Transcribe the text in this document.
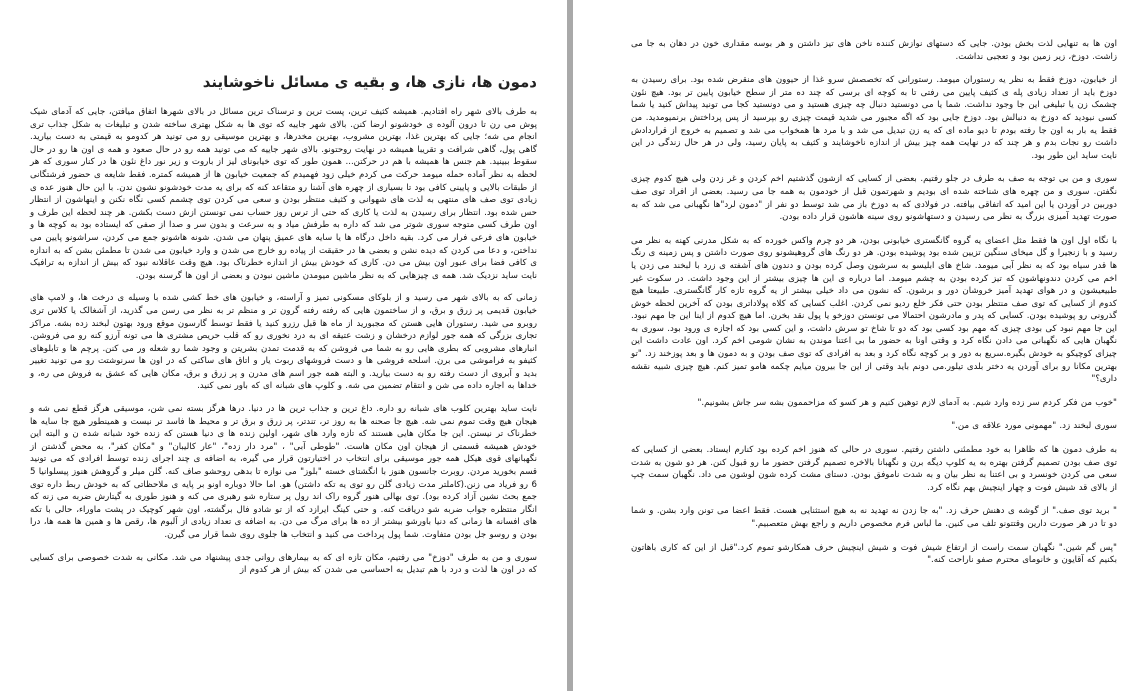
دمون ها، نازی ها، و بقیه ی مسائل ناخوشایند

به طرف بالای شهر راه افتادیم. همیشه کثیف ترین، پست ترین و ترسناک ترین مسائل در بالای شهرها اتفاق میافتن، جایی که آدمای شیک پوش می رن تا درون آلوده ی خودشونو ارضا کنن. بالای شهر جاییه که توی ها به شکل بهتری ساخته شدن و تبلیغات به شکل جذاب تری انجام می شه؛ جایی که بهترین غذا، بهترین مشروب، بهترین مخدرها، و بهترین موسیقی رو می تونید هر کدومو به قیمتی به دست بیارید. گاهی پول، گاهی شرافت و تقریبا همیشه در نهایت روحتونو. بالای شهر جاییه که می تونید همه رو در حال صعود و همه ی اون ها رو در حال سقوط ببینید. هم جنس ها همیشه با هم در حرکتن... همون طور که توی خیابونای لیز از باروت و زیر نور داغ نئون ها در کنار سوری که هر لحظه به نظر آماده حمله میومد حرکت می کردم خیلی زود فهمیدم که جمعیت خیابون ها از همیشه کمتره. فقط شایعه ی حضور فرشتگانی از طبقات بالایی و پایینی کافی بود تا بسیاری از چهره های آشنا رو متقاعد کنه که برای یه مدت خودشونو نشون ندن. با این حال هنوز عده ی زیادی توی صف های منتهی به لذت های شهوانی و کثیف منتظر بودن و سعی می کردن توی چشمم کسی نگاه نکنن و اینهاشون از انتظار حس شده بود. انتظار برای رسیدن به لذت یا کاری که حتی از ترس روز حساب نمی تونستن ازش دست بکشن. هر چند لحظه این طرف و اون طرف کسی متوجه سوری شوتر می شد که داره به طرفش میاد و به سرعت و بدون سر و صدا از صفی که ایستاده بود به کوچه ها و خیابون های فرعی فرار می کرد. بقیه داخل درگاه ها یا سایه های عمیق پنهان می شدن. شونه هاشونو جمع می کردن، سراشونو پایین می نداختن، و دعا می کردن که دیده نشن و بعضی ها در حقیقت از پیاده رو خارج می شدن و وارد خیابون می شدن تا مطمئن بشن که به اندازه ی کافی فضا برای عبور اون بیش می دن. کاری که خودش بیش از اندازه خطرناک بود. هیچ وقت عاقلانه نبود که بیش از اندازه به ترافیک نایت ساید نزدیک شد. همه ی چیزهایی که به نظر ماشین میومدن ماشین نبودن و بعضی از اون ها گرسنه بودن.

زمانی که به بالای شهر می رسید و از بلوکای مسکونی تمیز و آراسته، و خیابون های خط کشی شده با وسیله ی درخت ها، و لامپ های خیابون قدیمی پر زرق و برق، و از ساختمون هایی که رفته رفته گرون تر و منظم تر به نظر می رسن می گذرید، از آشغالک یا کلاس تری روبرو می شید. رستوران هایی هستن که مجبورید از ماه ها قبل رزرو کنید یا فقط توسط گارسون موقع ورود بهتون لبخند زده بشه. مراکز تجاری بزرگی که همه جور لوازم درخشان و زشت عتیقه ای به درد نخوری رو که قلب حریص مشتری ها می تونه آرزو کنه رو می فروشن. انبارهای مشروبی که بطری هایی رو به شما می فروشن که به قدمت تمدن بشریتن و وجود شما رو شعله ور می کنن. پرچم ها و تابلوهای کثیفو به فراموشی می برن. اسلحه فروشی ها و دست فروشهای ربوت یار و اتاق های ساکتی که در اون ها سرنوشتت رو می تونید تغییر بدید و آبروی از دست رفته رو به دست بیارید. و البته همه جور اسم های مدرن و پر زرق و برق، مکان هایی که عشق به فروش می ره، و خداها به اجاره داده می شن و انتقام تضمین می شه. و کلوپ های شبانه ای که باور نمی کنید.

نایت ساید بهترین کلوب های شبانه رو داره. داغ ترین و جذاب ترین ها در دنیا. درها هرگز بسته نمی شن، موسیقی هرگز قطع نمی شه و هیجان هیچ وقت تموم نمی شه. هیچ جا صحنه ها به روز تر، تندتر، پر زرق و برق تر و محیط ها فاسد تر نیست و همینطور هیچ جا سایه ها خطرناک تر نیستن. این جا مکان هایی هستند که تازه وارد های شهر، اولین زنده ها ی دنیا هستن که زنده خود شبانه شده ن و البته این خودش همیشه قسمتی از هیجان اون مکان هاست. "طوطی آبی" ، "مرد دار زده"، "عار کالیبان" و "مکان کفر"، به محض گذشتن از نگهبانهای قوی هیکل همه جور موسیقی برای انتخاب در اختیارتون قرار می گیره، به اضافه ی چند اجرای زنده توسط افرادی که می تونید قسم بخورید مردن. روبرت جانسون هنوز با انگشتای خسته "بلوز" می نوازه تا بدهی روحشو صاف کنه. گلن میلر و گروهش هنوز پیسلوانیا 5 6 رو فریاد می زنن.(کاملتر مدت زیادی گلن رو توی یه تکه داشتن) هو. اما حالا دوباره اونو بر پایه ی ملاحظاتی که به خودش ربط داره توی جمع بحث نشین آزاد کرده بود). توی بهالی هنور گروه راک اند رول پر ستاره شو رهبری می کنه و هنوز طوری به گیتارش ضربه می زنه که انگار منتظره جواب ضربه شو دریافت کنه. و حتی کینگ ایرازد که از تو شادو فال برگشته، اون شهر کوچیک در پشت ماوراء، حالی با تکه های افسانه ها زمانی که دنیا باورشو بیشتر از ده ها برای مرگ می دن. به اضافه ی تعداد زیادی از آلبوم ها، رقص ها و همین ها همه ها، درا بودن و روسو جل بودن متفاوت. شما پول پرداخت می کنید و انتخاب ها جلوی روی شما قرار می گیرن.

سوری و من به طرف "دوزخ" می رفتیم، مکان تازه ای که به بیمارهای روانی جدی پیشنهاد می شد. مکانی به شدت خصوصی برای کسایی که در اون ها لذت و درد با هم تبدیل به احساسی می شدن که بیش از هر کدوم از

اون ها به تنهایی لذت بخش بودن. جایی که دستهای نوازش کننده ناخن های تیز داشتن و هر بوسه مقداری خون در دهان به جا می زاشت. دوزخ، زیر زمین بود و تعجبی نداشت.

از خیابون، دوزخ فقط به نظر یه رستوران میومد. رستورانی که تخصصش سرو غذا از حیوون های منقرض شده بود. برای رسیدن به دوزخ باید از تعداد زیادی پله ی کثیف پایین می رفتی تا به کوچه ای برسی که چند ده متر از سطح خیابون پایین تر بود. هیچ نئون چشمک زن یا تبلیغی این جا وجود نداشت. شما یا می دونستید دنبال چه چیزی هستید و می دونستید کجا می تونید پیداش کنید یا شما کسی نبودید که دوزخ به دنبالش بود. دوزخ جایی بود که اگه مجبور می شدید قیمت چیزی رو بپرسید از پس پرداختش برنمیومدید. من فقط یه بار به اون جا رفته بودم تا دیو ماده ای که یه زن تبدیل می شد و با مرد ها همخواب می شد و تصمیم به خروج از قراردادش داشت رو نجات بدم و هر چند که در نهایت همه چیز بیش از اندازه ناخوشایند و کثیف به پایان رسید، ولی در هر حال زندگی در این نایت ساید این طور بود.

سوری و من بی توجه به صف به طرف در جلو رفتیم. بعضی از کسایی که ازشون گذشتیم اخم کردن و غر زدن ولی هیچ کدوم چیزی نگفتن. سوری و من چهره های شناخته شده ای بودیم و شهرتمون قبل از خودمون به همه جا می رسید. بعضی از افراد توی صف دوربین در آوردن یا این امید که اتفاقی بیافته. در فولادی که به دوزخ باز می شد توسط دو نفر از "دمون لرد"ها نگهبانی می شد که به صورت تهدید آمیزی بزرگ به نظر می رسیدن و دستهاشونو روی سینه هاشون قرار داده بودن.

با نگاه اول اون ها فقط مثل اعضای یه گروه گانگستری خیابونی بودن، هر دو چرم واکس خورده که به شکل مدرنی کهنه به نظر می رسید و با زنجیرا و گل میخای سنگین تزیین شده بود پوشیده بودن. هر دو رنگ های گروهیشونو روی صورت داشتن و پس زمینه ی رنگ ها قدر سیاه بود که به نظر آبی میومد. شاخ های ابلیسو به سرشون وصل کرده بودن و دندون های آشفته ی زرد با لبخند می زدن یا اخم می کردن دندونهاشون که تیز کرده بودن به چشم میومد. اما درباره ی این ها چیزی بیشتر از این وجود داشت. در سکوت غیر طبیعیشون و در هوای تهدید آمیز خروشان دور و برشون. که نشون می داد خیلی بیشتر از یه گروه تازه کار گانگستری. طبیعتا هیچ کدوم از کسایی که توی صف منتظر بودن حتی فکر خلع ردیو نمی کردن. اغلب کسایی که کلاه پولاداتری بودن که آخرین لحظه خوش گذرونی رو پوشیده بودن. کسایی که پدر و مادرشون احتمالا می تونستن دوزخو یا پول نقد بخرن. اما هیچ کدوم از اینا این جا مهم نبود. این جا مهم نبود کی بودی چیزی که مهم بود کسی بود که دو تا شاخ تو سرش داشت، و این کسی بود که اجازه ی ورود بود. سوری به نگهبان هایی که نگهبانی می دادن نگاه کرد و وقتی اونا به حضور ما بی اعتنا موندن به نشان شومی اخم کرد. اون عادت داشت این چیزای کوچیکو به خودش بگیره.سریع به دور و بر کوچه نگاه کرد و بعد به افرادی که توی صف بودن و به دمون ها و بعد پوزخند زد. "تو بهترین مکانا رو برای آوردن یه دختر بلدی تیلور.می دونم باید وقتی از این جا بیرون میایم چکمه هامو تمیز کنم. هیچ چیزی شبیه نقشه داری؟"

"خوب من فکر کردم سر زده وارد شیم. به آدمای لازم توهین کنیم و هر کسو که مزاحممون بشه سر جاش بشونیم."

سوری لبخند زد. "مهمونی مورد علاقه ی من."

به طرف دمون ها که ظاهرا به خود مطمئنی داشتن رفتیم. سوری در حالی که هنوز اخم کرده بود کنارم ایستاد. بعضی از کسایی که توی صف بودن تصمیم گرفتن بهتره به یه کلوپ دیگه برن و نگهبانا بالاخره تصمیم گرفتن حضور ما رو قبول کنن. هر دو شون به شدت سعی می کردن خونسرد و بی اعتنا به نظر بیان و به شدت ناموفق بودن. دستای مشت کرده شون لوشون می داد. نگهبان سمت چپ از بالای قد شیش فوت و چهار اینچیش بهم نگاه کرد.

" برید توی صف." از گوشه ی دهنش حرف زد. "به جا زدن نه تهدید نه به هیچ استثنایی هست. فقط اعضا می تونن وارد بشن. و شما دو تا در هر صورت دارین وقتتونو تلف می کنین. ما لباس فرم مخصوص داریم و راجع بهش متعصبیم."

"پس گم شین." نگهبان سمت راست از ارتفاع شیش فوت و شیش اینچیش حرف همکارشو تموم کرد."قبل از این که کاری باهاتون بکنیم که آقایون و خانومای محترم صفو ناراحت کنه."
